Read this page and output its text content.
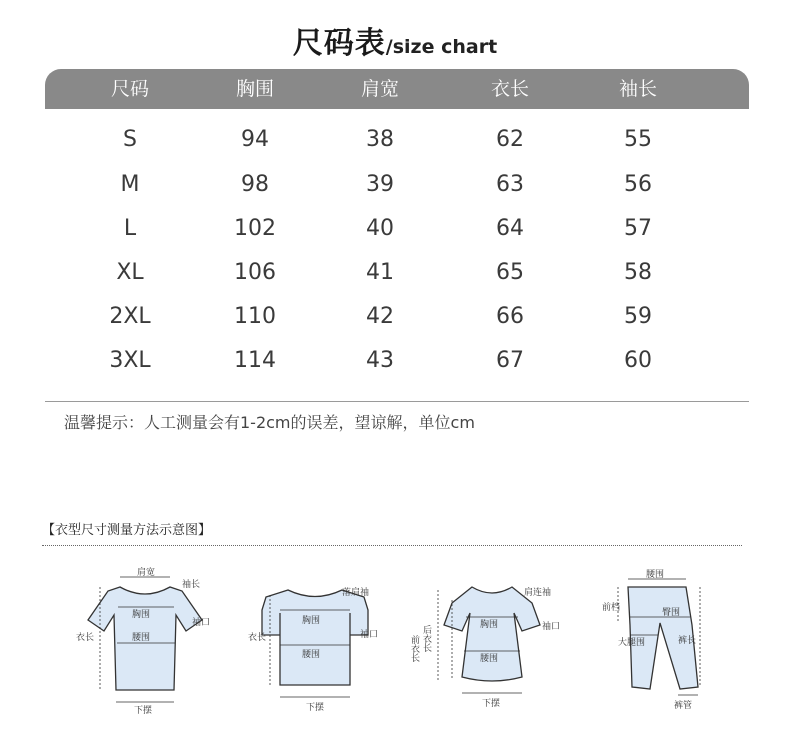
尺码表/size chart
尺码	胸围	肩宽	衣长	袖长
S	94	38	62	55
M	98	39	63	56
L	102	40	64	57
XL	106	41	65	58
2XL	110	42	66	59
3XL	114	43	67	60
温馨提示：人工测量会有1-2cm的误差，望谅解，单位cm
【衣型尺寸测量方法示意图】
肩宽
袖长
胸围
袖口
腰围
衣长
下摆
落肩袖
胸围
袖口
腰围
衣长
下摆
肩连袖
胸围	袖口
腰围
后衣长
前衣长
下摆
腰围
前档	臀围
大腿围	裤长
裤管
